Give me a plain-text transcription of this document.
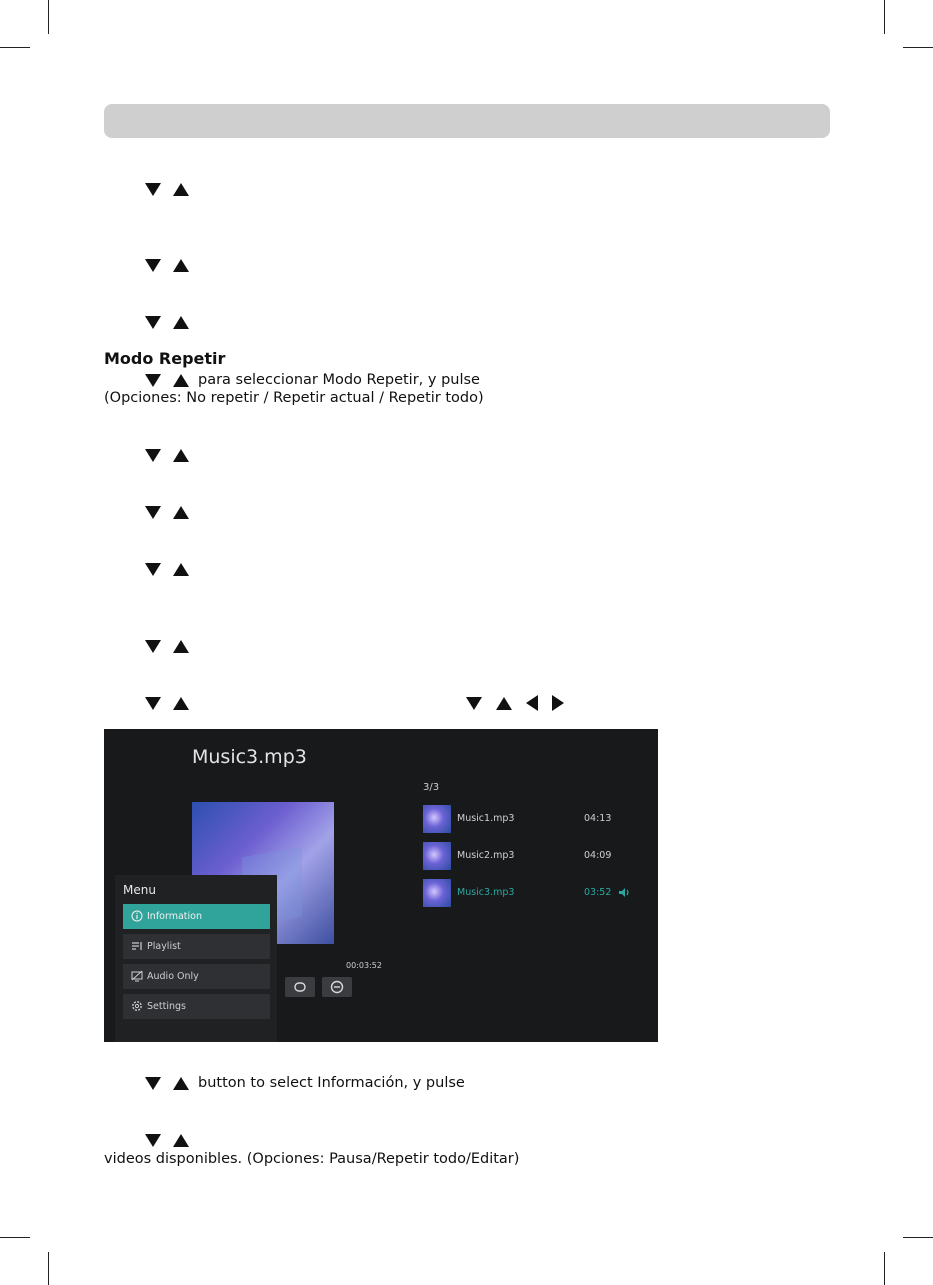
Modo Repetir
para seleccionar Modo Repetir, y pulse
(Opciones: No repetir / Repetir actual / Repetir todo)
Music3.mp3
3/3
Music1.mp3	04:13
Music2.mp3	04:09
Music3.mp3	03:52
00:03:52
Menu
Information
Playlist
Audio Only
Settings
button to select Información, y pulse
videos disponibles. (Opciones: Pausa/Repetir todo/Editar)
